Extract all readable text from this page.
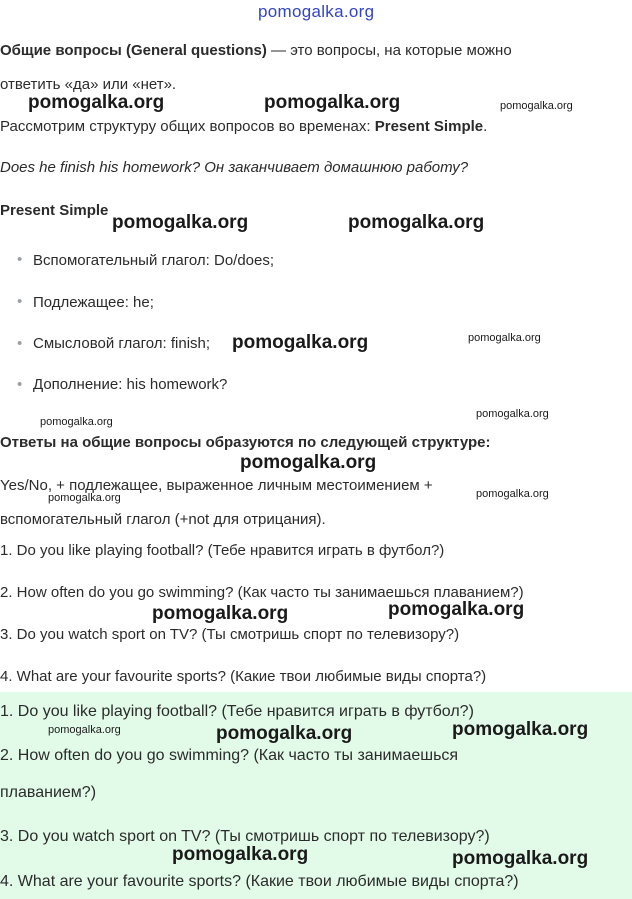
pomogalka.org
Общие вопросы (General questions) — это вопросы, на которые можно
ответить «да» или «нет».
Рассмотрим структуру общих вопросов во временах: Present Simple.
Does he finish his homework? Он заканчивает домашнюю работу?
Present Simple
• Вспомогательный глагол: Do/does;
• Подлежащее: he;
• Смысловой глагол: finish;
• Дополнение: his homework?
Ответы на общие вопросы образуются по следующей структуре:
Yes/No, + подлежащее, выраженное личным местоимением +
вспомогательный глагол (+not для отрицания).
1. Do you like playing football? (Тебе нравится играть в футбол?)
2. How often do you go swimming? (Как часто ты занимаешься плаванием?)
3. Do you watch sport on TV? (Ты смотришь спорт по телевизору?)
4. What are your favourite sports? (Какие твои любимые виды спорта?)
1. Do you like playing football? (Тебе нравится играть в футбол?)
2. How often do you go swimming? (Как часто ты занимаешься
плаванием?)
3. Do you watch sport on TV? (Ты смотришь спорт по телевизору?)
4. What are your favourite sports? (Какие твои любимые виды спорта?)
pomogalka.org	pomogalka.org	pomogalka.org
pomogalka.org	pomogalka.org
pomogalka.org	pomogalka.org
pomogalka.org
pomogalka.org
pomogalka.org
pomogalka.org	pomogalka.org
pomogalka.org	pomogalka.org
pomogalka.org	pomogalka.org	pomogalka.org
pomogalka.org	pomogalka.org
